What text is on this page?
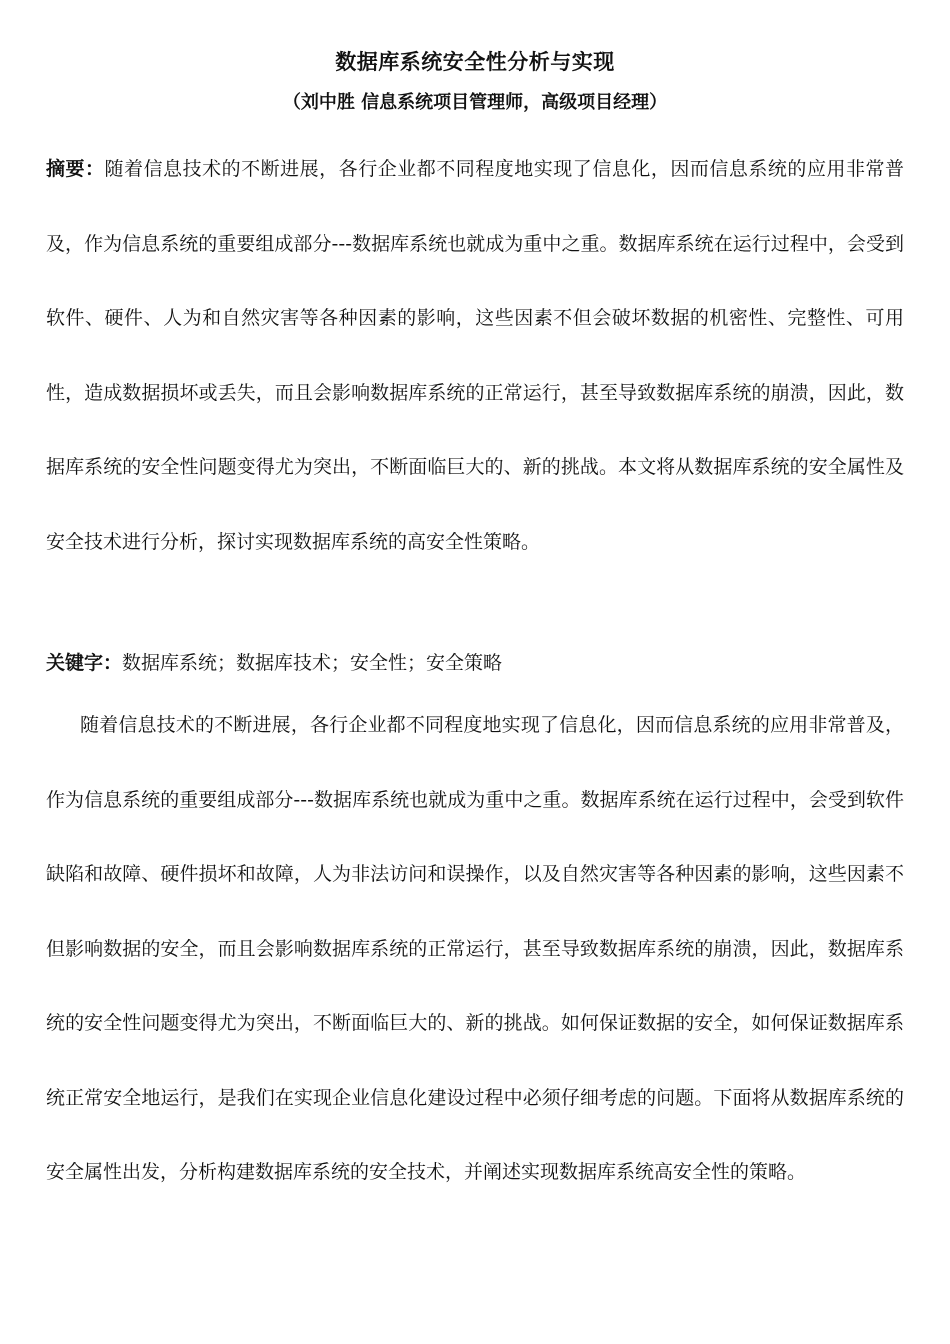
数据库系统安全性分析与实现

（刘中胜 信息系统项目管理师，高级项目经理）

摘要：随着信息技术的不断进展，各行企业都不同程度地实现了信息化，因而信息系统的应用非常普及，作为信息系统的重要组成部分---数据库系统也就成为重中之重。数据库系统在运行过程中，会受到软件、硬件、人为和自然灾害等各种因素的影响，这些因素不但会破坏数据的机密性、完整性、可用性，造成数据损坏或丢失，而且会影响数据库系统的正常运行，甚至导致数据库系统的崩溃，因此，数据库系统的安全性问题变得尤为突出，不断面临巨大的、新的挑战。本文将从数据库系统的安全属性及安全技术进行分析，探讨实现数据库系统的高安全性策略。

关键字：数据库系统；数据库技术；安全性；安全策略

随着信息技术的不断进展，各行企业都不同程度地实现了信息化，因而信息系统的应用非常普及，作为信息系统的重要组成部分---数据库系统也就成为重中之重。数据库系统在运行过程中，会受到软件缺陷和故障、硬件损坏和故障，人为非法访问和误操作，以及自然灾害等各种因素的影响，这些因素不但影响数据的安全，而且会影响数据库系统的正常运行，甚至导致数据库系统的崩溃，因此，数据库系统的安全性问题变得尤为突出，不断面临巨大的、新的挑战。如何保证数据的安全，如何保证数据库系统正常安全地运行，是我们在实现企业信息化建设过程中必须仔细考虑的问题。下面将从数据库系统的安全属性出发，分析构建数据库系统的安全技术，并阐述实现数据库系统高安全性的策略。
